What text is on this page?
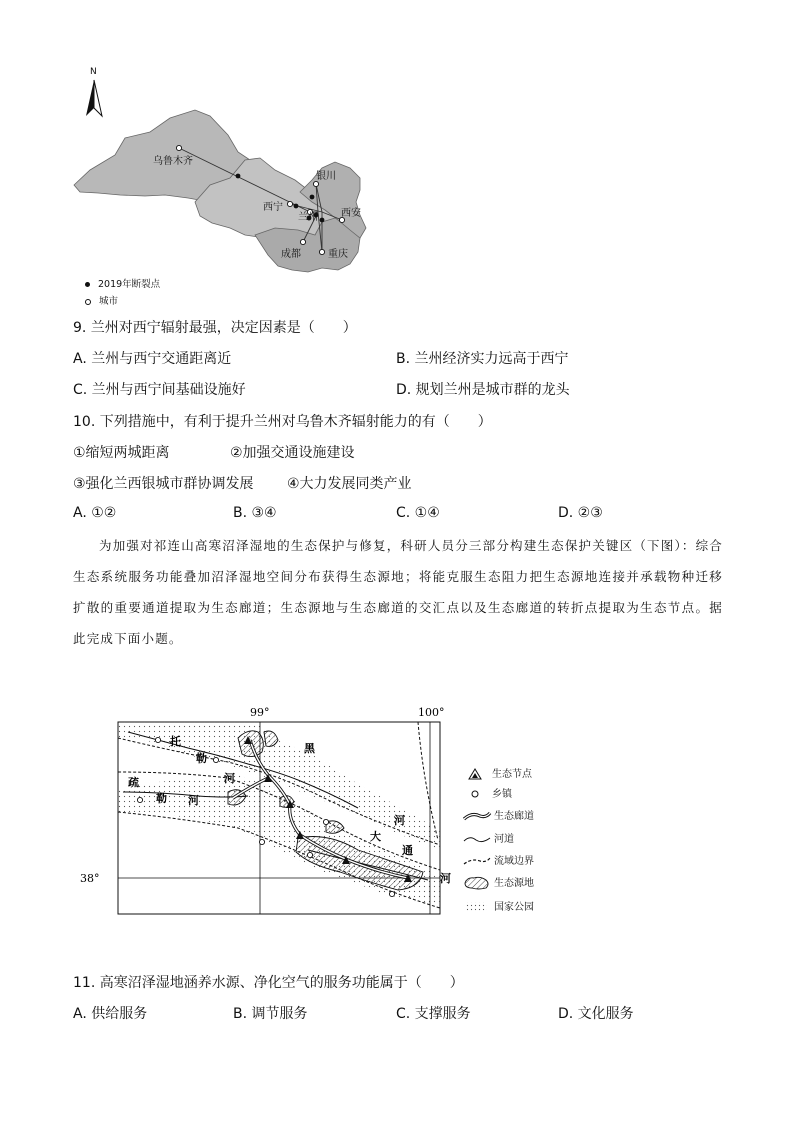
N
乌鲁木齐
银川
西宁
兰州 西安
成都	重庆
2019年断裂点
城市
9. 兰州对西宁辐射最强，决定因素是（　　）
A. 兰州与西宁交通距离近	B. 兰州经济实力远高于西宁
C. 兰州与西宁间基础设施好	D. 规划兰州是城市群的龙头
10. 下列措施中，有利于提升兰州对乌鲁木齐辐射能力的有（　　）
①缩短两城距离	②加强交通设施建设
③强化兰西银城市群协调发展 ④大力发展同类产业
A. ①②	B. ③④	C. ①④	D. ②③
为加强对祁连山高寒沼泽湿地的生态保护与修复，科研人员分三部分构建生态保护关键区（下图）：综合生态系统服务功能叠加沼泽湿地空间分布获得生态源地；将能克服生态阻力把生态源地连接并承载物种迁移扩散的重要通道提取为生态廊道；生态源地与生态廊道的交汇点以及生态廊道的转折点提取为生态节点。据此完成下面小题。
托
勒
河
疏
勒 河
大
通
河
黑
河
99°	100°
38°
生态节点
乡镇
生态廊道
河道
流域边界
生态源地
国家公园
11. 高寒沼泽湿地涵养水源、净化空气的服务功能属于（　　）
A. 供给服务	B. 调节服务	C. 支撑服务	D. 文化服务
